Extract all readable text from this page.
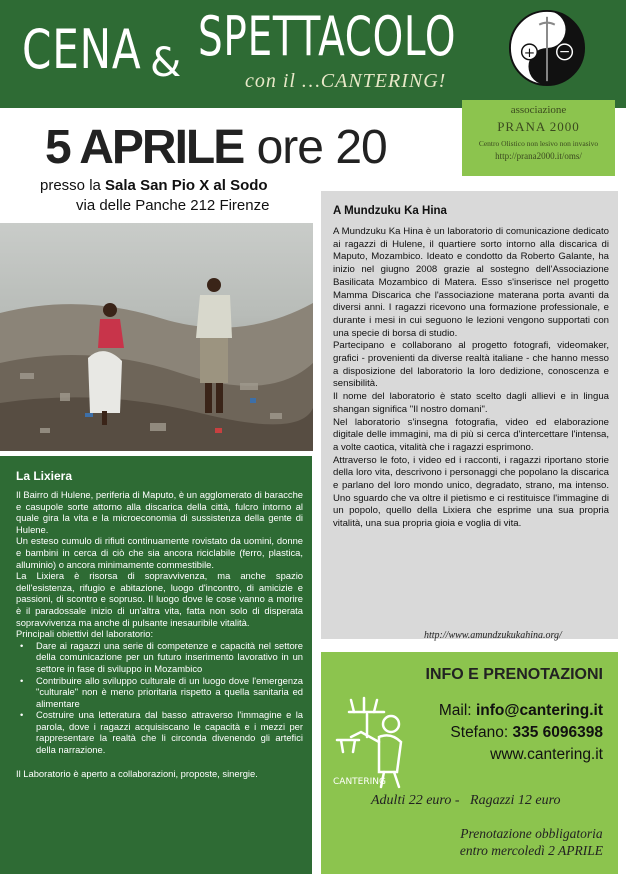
CENA & SPETTACOLO
con il …CANTERING!
+ −
associazione
PRANA 2000
Centro Olistico non lesivo non invasivo
http://prana2000.it/oms/
5 APRILE ore 20
presso la Sala San Pio X al Sodo
via delle Panche 212 Firenze	A Mundzuku Ka Hina

A Mundzuku Ka Hina è un laboratorio di comunicazione dedicato ai ragazzi di Hulene, il quartiere sorto intorno alla discarica di Maputo, Mozambico. Ideato e condotto da Roberto Galante, ha inizio nel giugno 2008 grazie al sostegno dell'Associazione Basilicata Mozambico di Matera. Esso s'inserisce nel progetto Mamma Discarica che l'associazione materana porta avanti da diversi anni. I ragazzi ricevono una formazione professionale, e durante i mesi in cui seguono le lezioni vengono supportati con una specie di borsa di studio.

Partecipano e collaborano al progetto fotografi, videomaker, grafici - provenienti da diverse realtà italiane - che hanno messo a disposizione del laboratorio la loro dedizione, conoscenza e sensibilità.

Il nome del laboratorio è stato scelto dagli allievi e in lingua shangan significa "Il nostro domani".

Nel laboratorio s'insegna fotografia, video ed elaborazione digitale delle immagini, ma di più si cerca d'intercettare l'intensa, a volte caotica, vitalità che i ragazzi esprimono.

Attraverso le foto, i video ed i racconti, i ragazzi riportano storie della loro vita, descrivono i personaggi che popolano la discarica e parlano del loro mondo unico, degradato, strano, ma intenso. Uno sguardo che va oltre il pietismo e ci restituisce l'immagine di un popolo, quello della Lixiera che esprime una sua propria vitalità, una sua propria gioia e voglia di vita.

http://www.amundzukukahina.org/
La Lixiera

Il Bairro di Hulene, periferia di Maputo, è un agglomerato di baracche e casupole sorte attorno alla discarica della città, fulcro intorno al quale gira la vita e la microeconomia di sussistenza della gente di Hulene.

Un esteso cumulo di rifiuti continuamente rovistato da uomini, donne e bambini in cerca di ciò che sia ancora riciclabile (ferro, plastica, alluminio) o ancora minimamente commestibile.

La Lixiera è risorsa di sopravvivenza, ma anche spazio dell'esistenza, rifugio e abitazione, luogo d'incontro, di amicizie e passioni, di scontro e sopruso. Il luogo dove le cose vanno a morire è il paradossale inizio di un'altra vita, fatta non solo di disperata sopravvivenza ma anche di pulsante inesauribile vitalità.

Principali obiettivi del laboratorio:

• Dare ai ragazzi una serie di competenze e capacità nel settore della comunicazione per un futuro inserimento lavorativo in un settore in fase di sviluppo in Mozambico
• Contribuire allo sviluppo culturale di un luogo dove l'emergenza "culturale" non è meno prioritaria rispetto a quella sanitaria ed alimentare
• Costruire una letteratura dal basso attraverso l'immagine e la parola, dove i ragazzi acquisiscano le capacità e i mezzi per rappresentare la realtà che li circonda divenendo gli artefici della narrazione.

Il Laboratorio è aperto a collaborazioni, proposte, sinergie.

INFO E PRENOTAZIONI
CANTERING
Mail: info@cantering.it
Stefano: 335 6096398
www.cantering.it
Adulti 22 euro -   Ragazzi 12 euro
Prenotazione obbligatoria
entro mercoledì 2 APRILE
